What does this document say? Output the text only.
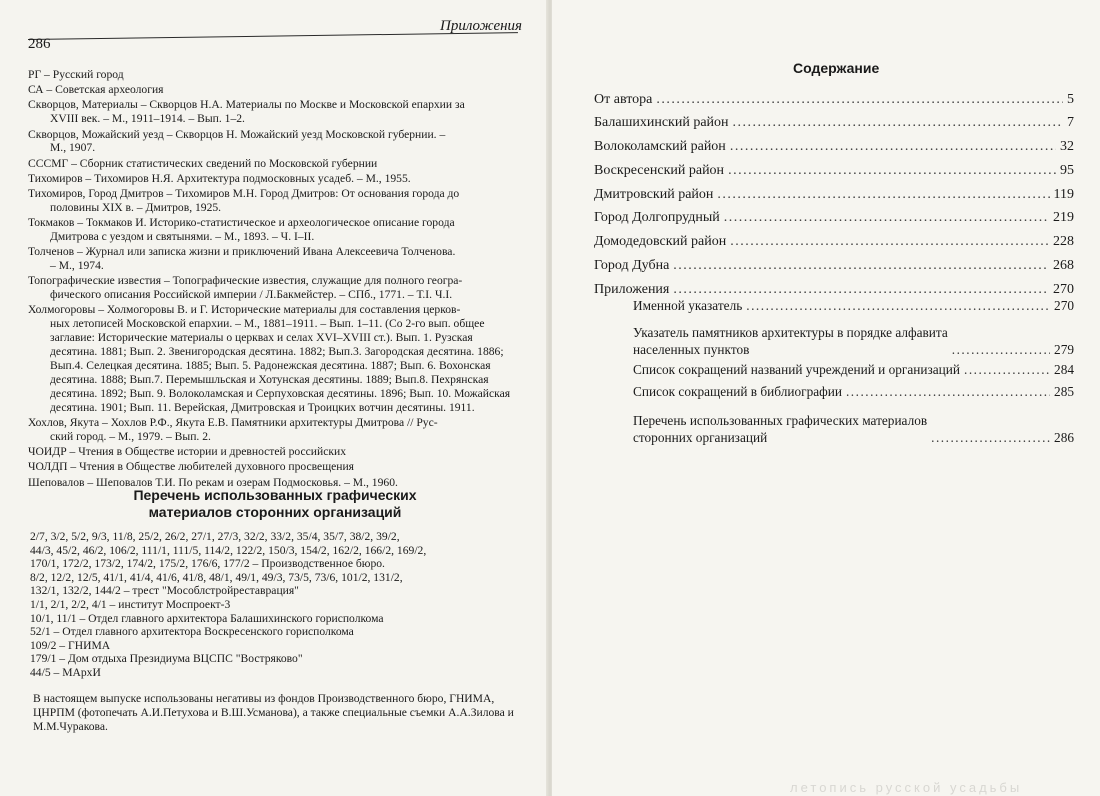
Приложения
286
РГ – Русский город
СА – Советская археология
Скворцов, Материалы – Скворцов Н.А. Материалы по Москве и Московской епархии за
XVIII век. – М., 1911–1914. – Вып. 1–2.
Скворцов, Можайский уезд – Скворцов Н. Можайский уезд Московской губернии. –
М., 1907.
ССCМГ – Сборник статистических сведений по Московской губернии
Тихомиров – Тихомиров Н.Я. Архитектура подмосковных усадеб. – М., 1955.
Тихомиров, Город Дмитров – Тихомиров М.Н. Город Дмитров: От основания города до
половины XIX в. – Дмитров, 1925.
Токмаков – Токмаков И. Историко-статистическое и археологическое описание города
Дмитрова с уездом и святынями. – М., 1893. – Ч. I–II.
Толченов – Журнал или записка жизни и приключений Ивана Алексеевича Толченова.
– М., 1974.
Топографические известия – Топографические известия, служащие для полного геогра-
фического описания Российской империи / Л.Бакмейстер. – СПб., 1771. – Т.I. Ч.I.
Холмогоровы – Холмогоровы В. и Г. Исторические материалы для составления церков-
ных летописей Московской епархии. – М., 1881–1911. – Вып. 1–11. (Со 2-го вып. общее заглавие: Исторические материалы о церквах и селах XVI–XVIII ст.). Вып. 1. Рузская десятина. 1881; Вып. 2. Звенигородская десятина. 1882; Вып.3. Загородская десятина. 1886; Вып.4. Селецкая десятина. 1885; Вып. 5. Радонежская десятина. 1887; Вып. 6. Вохонская десятина. 1888; Вып.7. Перемышльская и Хотунская десятины. 1889; Вып.8. Пехрянская десятина. 1892; Вып. 9. Волоколамская и Серпуховская десятины. 1896; Вып. 10. Можайская десятина. 1901; Вып. 11. Верейская, Дмитровская и Троицких вотчин десятины. 1911.
Хохлов, Якута – Хохлов Р.Ф., Якута Е.В. Памятники архитектуры Дмитрова // Рус-
ский город. – М., 1979. – Вып. 2.
ЧОИДР – Чтения в Обществе истории и древностей российских
ЧОЛДП – Чтения в Обществе любителей духовного просвещения
Шеповалов – Шеповалов Т.И. По рекам и озерам Подмосковья. – М., 1960.
Перечень использованных графических
материалов сторонних организаций
2/7, 3/2, 5/2, 9/3, 11/8, 25/2, 26/2, 27/1, 27/3, 32/2, 33/2, 35/4, 35/7, 38/2, 39/2,
44/3, 45/2, 46/2, 106/2, 111/1, 111/5, 114/2, 122/2, 150/3, 154/2, 162/2, 166/2, 169/2,
170/1, 172/2, 173/2, 174/2, 175/2, 176/6, 177/2 – Производственное бюро.
8/2, 12/2, 12/5, 41/1, 41/4, 41/6, 41/8, 48/1, 49/1, 49/3, 73/5, 73/6, 101/2, 131/2,
132/1, 132/2, 144/2 – трест "Мособлстройреставрация"
1/1, 2/1, 2/2, 4/1 – институт Моспроект-3
10/1, 11/1 – Отдел главного архитектора Балашихинского горисполкома
52/1 – Отдел главного архитектора Воскресенского горисполкома
109/2 – ГНИМА
179/1 – Дом отдыха Президиума ВЦСПС "Востряково"
44/5 – МАрхИ
В настоящем выпуске использованы негативы из фондов Производственного бюро, ГНИМА, ЦНРПМ (фотопечать А.И.Петухова и В.Ш.Усманова), а также специальные съемки А.А.Зилова и М.М.Чуракова.
Содержание
От автора .....	5
Балашихинский район .....	7
Волоколамский район .....	32
Воскресенский район .....	95
Дмитровский район .....	119
Город Долгопрудный .....	219
Домодедовский район .....	228
Город Дубна .....	268
Приложения .....	270
Именной указатель .....	270
Указатель памятников архитектуры в порядке алфавита
населенных пунктов .....	279
Список сокращений названий учреждений и организаций .....	284
Список сокращений в библиографии .....	285
Перечень использованных графических материалов
сторонних организаций .....	286
летопись русской усадьбы
